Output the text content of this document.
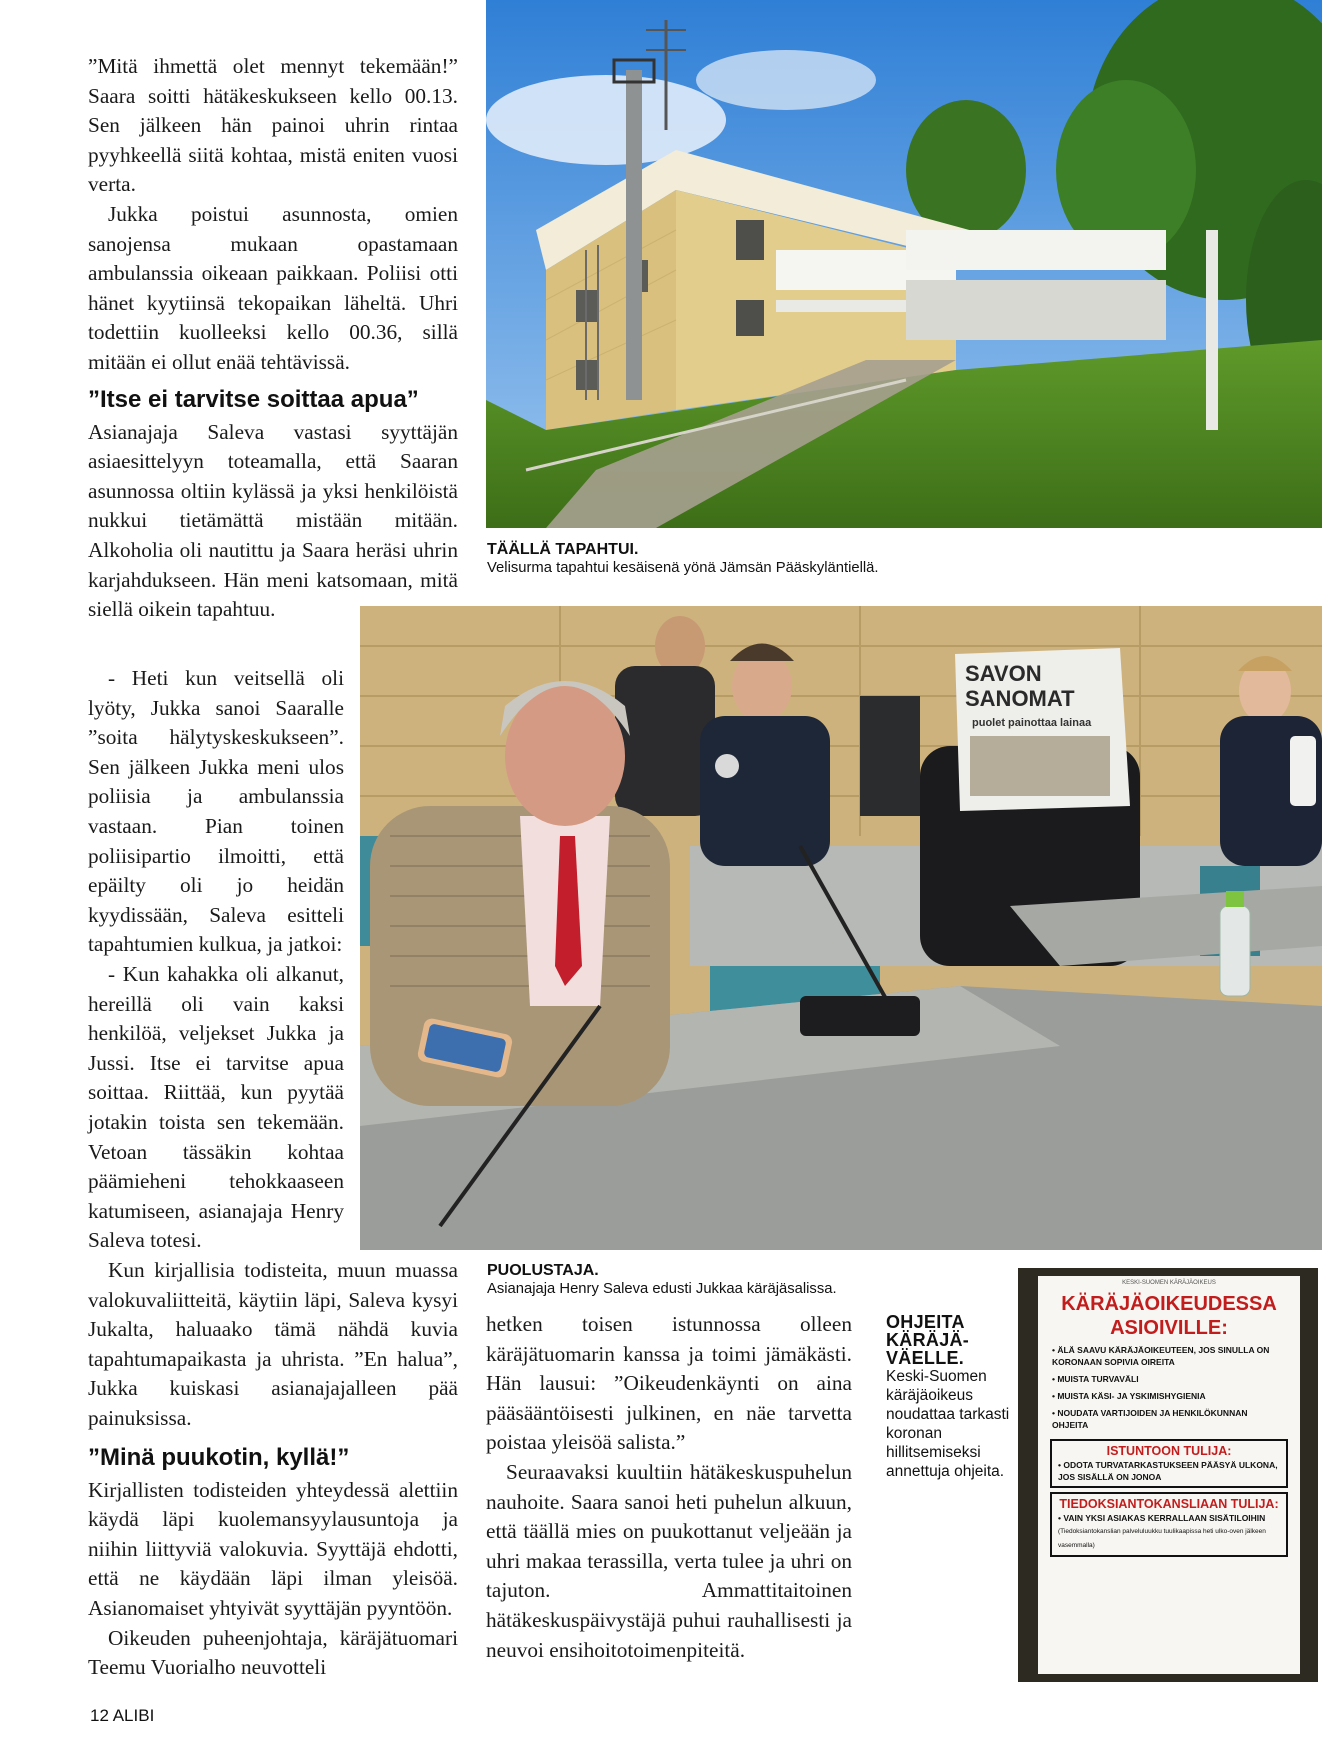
”Mitä ihmettä olet mennyt tekemään!” Saara soitti hätäkeskukseen kello 00.13. Sen jälkeen hän painoi uhrin rintaa pyyhkeellä siitä kohtaa, mistä eniten vuosi verta.

Jukka poistui asunnosta, omien sanojensa mukaan opastamaan ambulanssia oikeaan paikkaan. Poliisi otti hänet kyytiinsä tekopaikan läheltä. Uhri todettiin kuolleeksi kello 00.36, sillä mitään ei ollut enää tehtävissä.

”Itse ei tarvitse soittaa apua”

Asianajaja Saleva vastasi syyttäjän asiaesittelyyn toteamalla, että Saaran asunnossa oltiin kylässä ja yksi henkilöistä nukkui tietämättä mistään mitään. Alkoholia oli nautittu ja Saara heräsi uhrin karjahdukseen. Hän meni katsomaan, mitä siellä oikein tapahtuu.

- Heti kun veitsellä oli lyöty, Jukka sanoi Saaralle ”soita hälytyskeskukseen”. Sen jälkeen Jukka meni ulos poliisia ja ambulanssia vastaan. Pian toinen poliisipartio ilmoitti, että epäilty oli jo heidän kyydissään, Saleva esitteli tapahtumien kulkua, ja jatkoi:

- Kun kahakka oli alkanut, hereillä oli vain kaksi henkilöä, veljekset Jukka ja Jussi. Itse ei tarvitse apua soittaa. Riittää, kun pyytää jotakin toista sen tekemään. Vetoan tässäkin kohtaa päämieheni tehokkaaseen katumiseen, asianajaja Henry Saleva totesi.

Kun kirjallisia todisteita, muun muassa valokuvaliitteitä, käytiin läpi, Saleva kysyi Jukalta, haluaako tämä nähdä kuvia tapahtumapaikasta ja uhrista. ”En halua”, Jukka kuiskasi asianajajalleen pää painuksissa.

”Minä puukotin, kyllä!”

Kirjallisten todisteiden yhteydessä alettiin käydä läpi kuolemansyylausuntoja ja niihin liittyviä valokuvia. Syyttäjä ehdotti, että ne käydään läpi ilman yleisöä. Asianomaiset yhtyivät syyttäjän pyyntöön.

Oikeuden puheenjohtaja, käräjätuomari Teemu Vuorialho neuvotteli

TÄÄLLÄ TAPAHTUI.
Velisurma tapahtui kesäisenä yönä Jämsän Pääskyläntiellä.
SAVON
SANOMAT
puolet painottaa lainaa
PUOLUSTAJA.
Asianajaja Henry Saleva edusti Jukkaa käräjäsalissa.

hetken toisen istunnossa olleen käräjätuomarin kanssa ja toimi jämäkästi. Hän lausui: ”Oikeudenkäynti on aina pääsääntöisesti julkinen, en näe tarvetta poistaa yleisöä salista.”

Seuraavaksi kuultiin hätäkeskuspuhelun nauhoite. Saara sanoi heti puhelun alkuun, että täällä mies on puukottanut veljeään ja uhri makaa terassilla, verta tulee ja uhri on tajuton. Ammattitaitoinen hätäkeskuspäivystäjä puhui rauhallisesti ja neuvoi ensihoitotoimenpiteitä.

OHJEITA
KÄRÄJÄ-
VÄELLE.
Keski-Suomen käräjäoikeus noudattaa tarkasti koronan hillitsemiseksi annettuja ohjeita.
KESKI-SUOMEN KÄRÄJÄOIKEUS
KÄRÄJÄOIKEUDESSA
ASIOIVILLE:
• ÄLÄ SAAVU KÄRÄJÄOIKEUTEEN, JOS SINULLA ON KORONAAN SOPIVIA OIREITA
• MUISTA TURVAVÄLI
• MUISTA KÄSI- JA YSKIMISHYGIENIA
• NOUDATA VARTIJOIDEN JA HENKILÖKUNNAN OHJEITA
ISTUNTOON TULIJA:
• ODOTA TURVATARKASTUKSEEN PÄÄSYÄ ULKONA, JOS SISÄLLÄ ON JONOA
TIEDOKSIANTOKANSLIAAN TULIJA:
• VAIN YKSI ASIAKAS KERRALLAAN SISÄTILOIHIN
(Tiedoksiantokanslian palveluluukku tuulikaapissa heti ulko-oven jälkeen vasemmalla)
12 ALIBI
